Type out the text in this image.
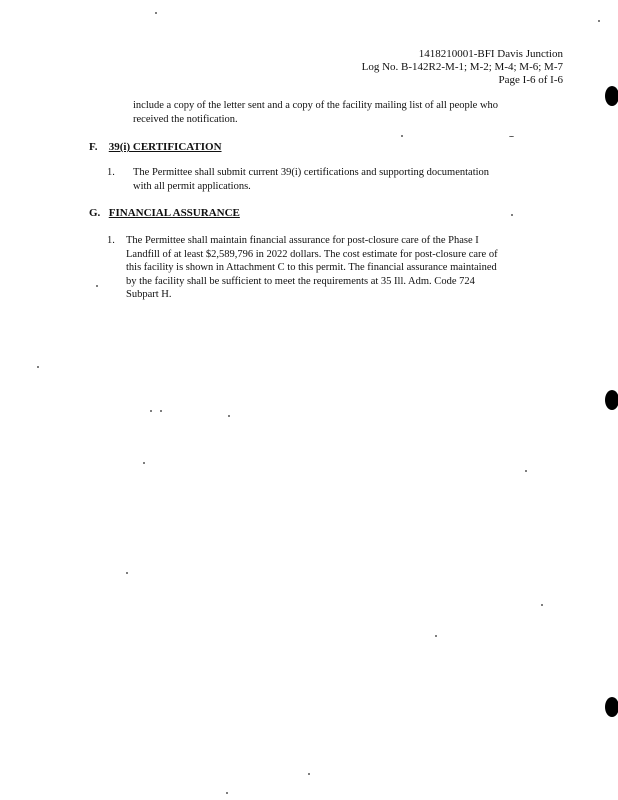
1418210001-BFI Davis Junction
Log No. B-142R2-M-1; M-2; M-4; M-6; M-7
Page I-6 of I-6
include a copy of the letter sent and a copy of the facility mailing list of all people who
received the notification.
F. 39(i) CERTIFICATION
1. The Permittee shall submit current 39(i) certifications and supporting documentation
with all permit applications.
G. FINANCIAL ASSURANCE
1. The Permittee shall maintain financial assurance for post-closure care of the Phase I
Landfill of at least $2,589,796 in 2022 dollars. The cost estimate for post-closure care of
this facility is shown in Attachment C to this permit. The financial assurance maintained
by the facility shall be sufficient to meet the requirements at 35 Ill. Adm. Code 724
Subpart H.
